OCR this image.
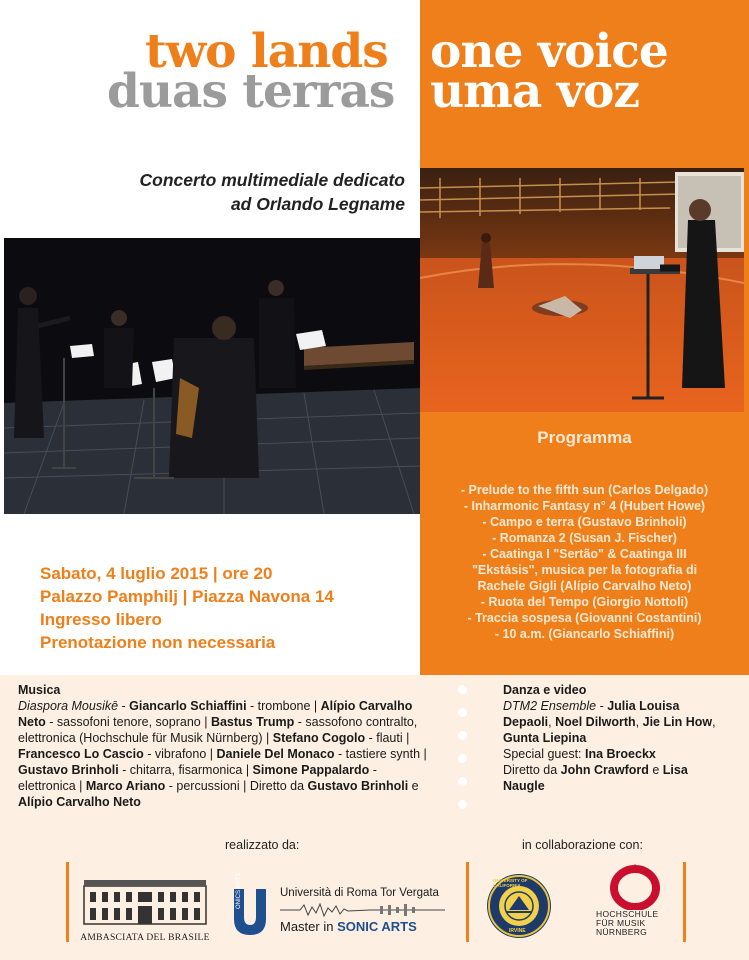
two lands one voice
duas terras uma voz
Concerto multimediale dedicato
ad Orlando Legname
Programma
- Prelude to the fifth sun (Carlos Delgado)
- Inharmonic Fantasy n° 4 (Hubert Howe)
- Campo e terra (Gustavo Brinholi)
- Romanza 2 (Susan J. Fischer)
- Caatinga I "Sertão" & Caatinga III
"Ekstásis", musica per la fotografia di
Rachele Gigli (Alípio Carvalho Neto)
- Ruota del Tempo (Giorgio Nottoli)
- Traccia sospesa (Giovanni Costantini)
- 10 a.m. (Giancarlo Schiaffini)
Sabato, 4 luglio 2015 | ore 20
Palazzo Pamphilj | Piazza Navona 14
Ingresso libero
Prenotazione non necessaria
Musica
Diaspora Mousikē - Giancarlo Schiaffini - trombone | Alípio Carvalho Neto - sassofoni tenore, soprano | Bastus Trump - sassofono contralto, elettronica (Hochschule für Musik Nürnberg) | Stefano Cogolo - flauti | Francesco Lo Cascio - vibrafono | Daniele Del Monaco - tastiere synth | Gustavo Brinholi - chitarra, fisarmonica | Simone Pappalardo - elettronica | Marco Ariano - percussioni | Diretto da Gustavo Brinholi e Alípio Carvalho Neto
Danza e video
DTM2 Ensemble - Julia Louisa Depaoli, Noel Dilworth, Jie Lin How, Gunta Liepina
Special guest: Ina Broeckx
Diretto da John Crawford e Lisa Naugle
realizzato da:	in collaborazione con:
AMBASCIATA DEL BRASILE
ONICS ARTS	Università di Roma Tor Vergata
Master in SONIC ARTS
UNIVERSITY OF CALIFORNIA
IRVINE
HOCHSCHULE
FÜR MUSIK
NÜRNBERG
